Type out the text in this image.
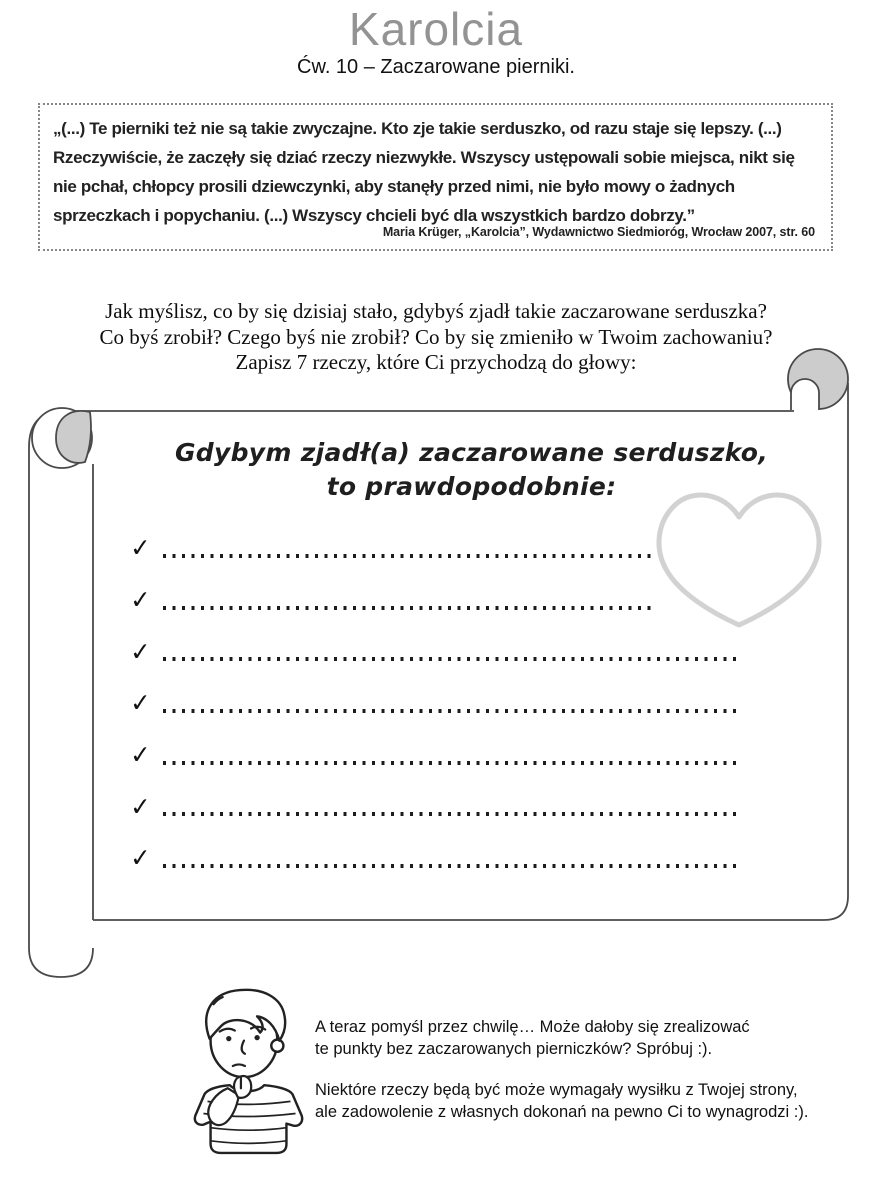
Karolcia
Ćw. 10 – Zaczarowane pierniki.
„(...) Te pierniki też nie są takie zwyczajne. Kto zje takie serduszko, od razu staje się lepszy. (...) Rzeczywiście, że zaczęły się dziać rzeczy niezwykłe. Wszyscy ustępowali sobie miejsca, nikt się nie pchał, chłopcy prosili dziewczynki, aby stanęły przed nimi, nie było mowy o żadnych sprzeczkach i popychaniu. (...) Wszyscy chcieli być dla wszystkich bardzo dobrzy.”
Maria Krüger, „Karolcia”, Wydawnictwo Siedmioróg, Wrocław 2007, str. 60
Jak myślisz, co by się dzisiaj stało, gdybyś zjadł takie zaczarowane serduszka?
Co byś zrobił? Czego byś nie zrobił? Co by się zmieniło w Twoim zachowaniu?
Zapisz 7 rzeczy, które Ci przychodzą do głowy:
Gdybym zjadł(a) zaczarowane serduszko,
to prawdopodobnie:
✓
✓
✓
✓
✓
✓
✓
A teraz pomyśl przez chwilę… Może dałoby się zrealizować
te punkty bez zaczarowanych pierniczków? Spróbuj :).
Niektóre rzeczy będą być może wymagały wysiłku z Twojej strony,
ale zadowolenie z własnych dokonań na pewno Ci to wynagrodzi :).
